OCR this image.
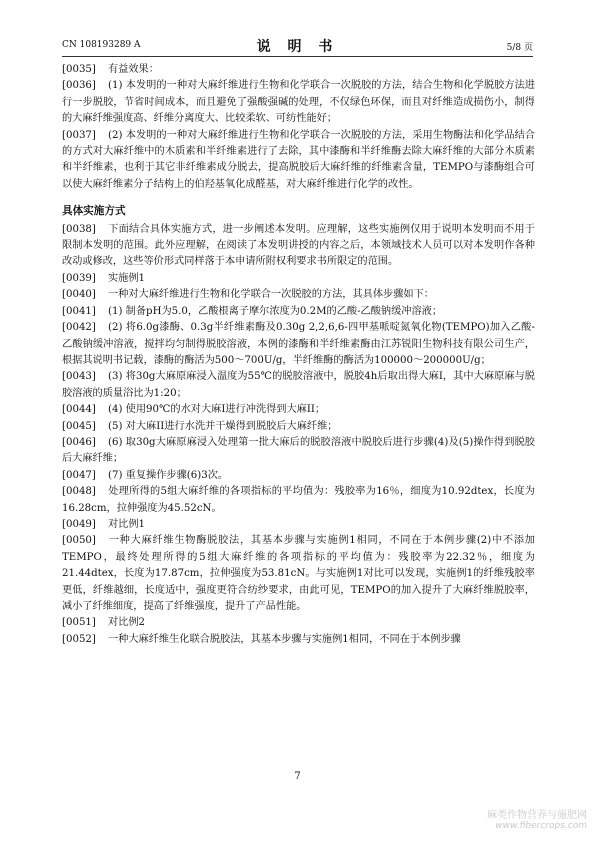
CN 108193289 A	说 明 书	5/8 页
[0035] 有益效果：
[0036] (1) 本发明的一种对大麻纤维进行生物和化学联合一次脱胶的方法，结合生物和化学脱胶方法进行一步脱胶，节省时间成本，而且避免了强酸强碱的处理，不仅绿色环保，而且对纤维造成损伤小，制得的大麻纤维强度高、纤维分离度大、比较柔软、可纺性能好；
[0037] (2) 本发明的一种对大麻纤维进行生物和化学联合一次脱胶的方法，采用生物酶法和化学品结合的方式对大麻纤维中的木质素和半纤维素进行了去除，其中漆酶和半纤维酶去除大麻纤维的大部分木质素和半纤维素，也利于其它非纤维素成分脱去，提高脱胶后大麻纤维的纤维素含量，TEMPO与漆酶组合可以使大麻纤维素分子结构上的伯羟基氧化成醛基，对大麻纤维进行化学的改性。
具体实施方式
[0038] 下面结合具体实施方式，进一步阐述本发明。应理解，这些实施例仅用于说明本发明而不用于限制本发明的范围。此外应理解，在阅读了本发明讲授的内容之后，本领域技术人员可以对本发明作各种改动或修改，这些等价形式同样落于本申请所附权利要求书所限定的范围。
[0039] 实施例1
[0040] 一种对大麻纤维进行生物和化学联合一次脱胶的方法，其具体步骤如下：
[0041] (1) 制备pH为5.0，乙酸根离子摩尔浓度为0.2M的乙酸-乙酸钠缓冲溶液；
[0042] (2) 将6.0g漆酶、0.3g半纤维素酶及0.30g 2,2,6,6-四甲基哌啶氮氧化物(TEMPO)加入乙酸-乙酸钠缓冲溶液，搅拌均匀制得脱胶溶液，本例的漆酶和半纤维素酶由江苏锐阳生物科技有限公司生产，根据其说明书记载，漆酶的酶活为500～700U/g，半纤维酶的酶活为100000～200000U/g；
[0043] (3) 将30g大麻原麻浸入温度为55℃的脱胶溶液中，脱胶4h后取出得大麻I，其中大麻原麻与脱胶溶液的质量浴比为1:20；
[0044] (4) 使用90℃的水对大麻I进行冲洗得到大麻II；
[0045] (5) 对大麻II进行水洗并干燥得到脱胶后大麻纤维；
[0046] (6) 取30g大麻原麻浸入处理第一批大麻后的脱胶溶液中脱胶后进行步骤(4)及(5)操作得到脱胶后大麻纤维；
[0047] (7) 重复操作步骤(6)3次。
[0048] 处理所得的5组大麻纤维的各项指标的平均值为：残胶率为16％，细度为10.92dtex，长度为16.28cm，拉伸强度为45.52cN。
[0049] 对比例1
[0050] 一种大麻纤维生物酶脱胶法，其基本步骤与实施例1相同，不同在于本例步骤(2)中不添加TEMPO，最终处理所得的5组大麻纤维的各项指标的平均值为：残胶率为22.32％，细度为21.44dtex，长度为17.87cm，拉伸强度为53.81cN。与实施例1对比可以发现，实施例1的纤维残胶率更低，纤维越细，长度适中，强度更符合纺纱要求，由此可见，TEMPO的加入提升了大麻纤维脱胶率，减小了纤维细度，提高了纤维强度，提升了产品性能。
[0051] 对比例2
[0052] 一种大麻纤维生化联合脱胶法，其基本步骤与实施例1相同，不同在于本例步骤
7
麻类作物营养与施肥网
www.fibercrops.com
